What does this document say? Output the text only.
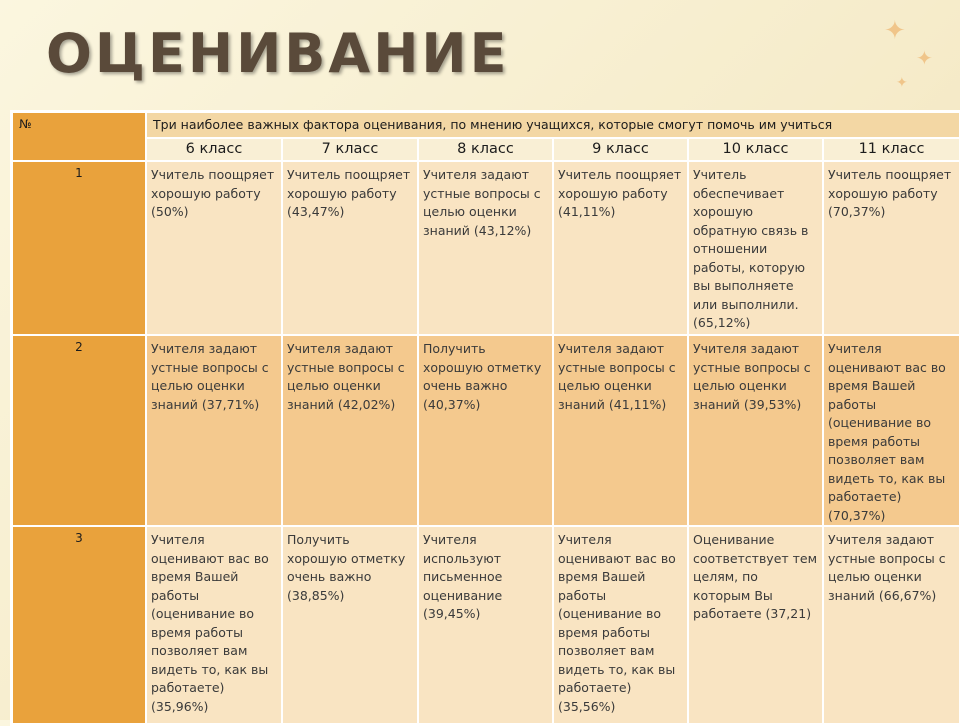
✦
✦
✦
ОЦЕНИВАНИЕ
№	Три наиболее важных фактора оценивания, по мнению учащихся, которые смогут помочь им учиться					
	6 класс	7 класс	8 класс	9 класс	10 класс	11 класс
1	Учитель поощряет хорошую работу (50%)	Учитель поощряет хорошую работу (43,47%)	Учителя задают устные вопросы с целью оценки знаний (43,12%)	Учитель поощряет хорошую работу (41,11%)	Учитель обеспечивает хорошую обратную связь в отношении работы, которую вы выполняете или выполнили. (65,12%)	Учитель поощряет хорошую работу (70,37%)
2	Учителя задают устные вопросы с целью оценки знаний (37,71%)	Учителя задают устные вопросы с целью оценки знаний (42,02%)	Получить хорошую отметку очень важно (40,37%)	Учителя задают устные вопросы с целью оценки знаний (41,11%)	Учителя задают устные вопросы с целью оценки знаний (39,53%)	Учителя оценивают вас во время Вашей работы (оценивание во время работы позволяет вам видеть то, как вы работаете) (70,37%)
3	Учителя оценивают вас во время Вашей работы (оценивание во время работы позволяет вам видеть то, как вы работаете) (35,96%)	Получить хорошую отметку очень важно (38,85%)	Учителя используют письменное оценивание (39,45%)	Учителя оценивают вас во время Вашей работы (оценивание во время работы позволяет вам видеть то, как вы работаете) (35,56%)	Оценивание соответствует тем целям, по которым Вы работаете (37,21)	Учителя задают устные вопросы с целью оценки знаний (66,67%)
